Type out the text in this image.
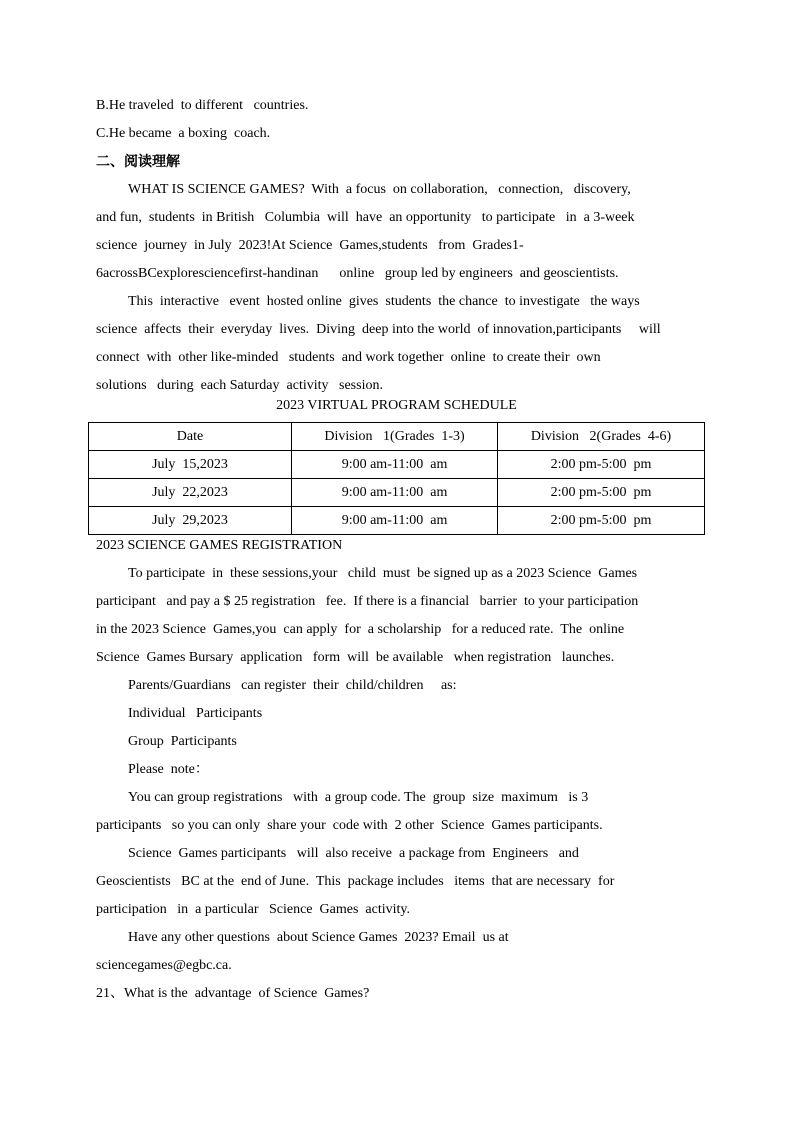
B.He traveled  to different   countries.
C.He became  a boxing  coach.
二、阅读理解
WHAT IS SCIENCE GAMES?  With  a focus  on collaboration,   connection,   discovery,
and fun,  students  in British   Columbia  will  have  an opportunity   to participate   in  a 3-week
science  journey  in July  2023!At Science  Games,students   from  Grades1-
6acrossBCexploresciencefirst-handinan      online   group led by engineers  and geoscientists.
This  interactive   event  hosted online  gives  students  the chance  to investigate   the ways
science  affects  their  everyday  lives.  Diving  deep into the world  of innovation,participants     will
connect  with  other like-minded   students  and work together  online  to create their  own
solutions   during  each Saturday  activity   session.
2023 VIRTUAL PROGRAM SCHEDULE
Date	Division   1(Grades  1-3)	Division   2(Grades  4-6)
July  15,2023	9:00 am-11:00  am	2:00 pm-5:00  pm
July  22,2023	9:00 am-11:00  am	2:00 pm-5:00  pm
July  29,2023	9:00 am-11:00  am	2:00 pm-5:00  pm
2023 SCIENCE GAMES REGISTRATION
To participate  in  these sessions,your   child  must  be signed up as a 2023 Science  Games
participant   and pay a $ 25 registration   fee.  If there is a financial   barrier  to your participation
in the 2023 Science  Games,you  can apply  for  a scholarship   for a reduced rate.  The  online
Science  Games Bursary  application   form  will  be available   when registration   launches.
Parents/Guardians   can register  their  child/children     as:
Individual   Participants
Group  Participants
Please  note：
You can group registrations   with  a group code. The  group  size  maximum   is 3
participants   so you can only  share your  code with  2 other  Science  Games participants.
Science  Games participants   will  also receive  a package from  Engineers   and
Geoscientists   BC at the  end of June.  This  package includes   items  that are necessary  for
participation   in  a particular   Science  Games  activity.
Have any other questions  about Science Games  2023? Email  us at
sciencegames@egbc.ca.
21、What is the  advantage  of Science  Games?
